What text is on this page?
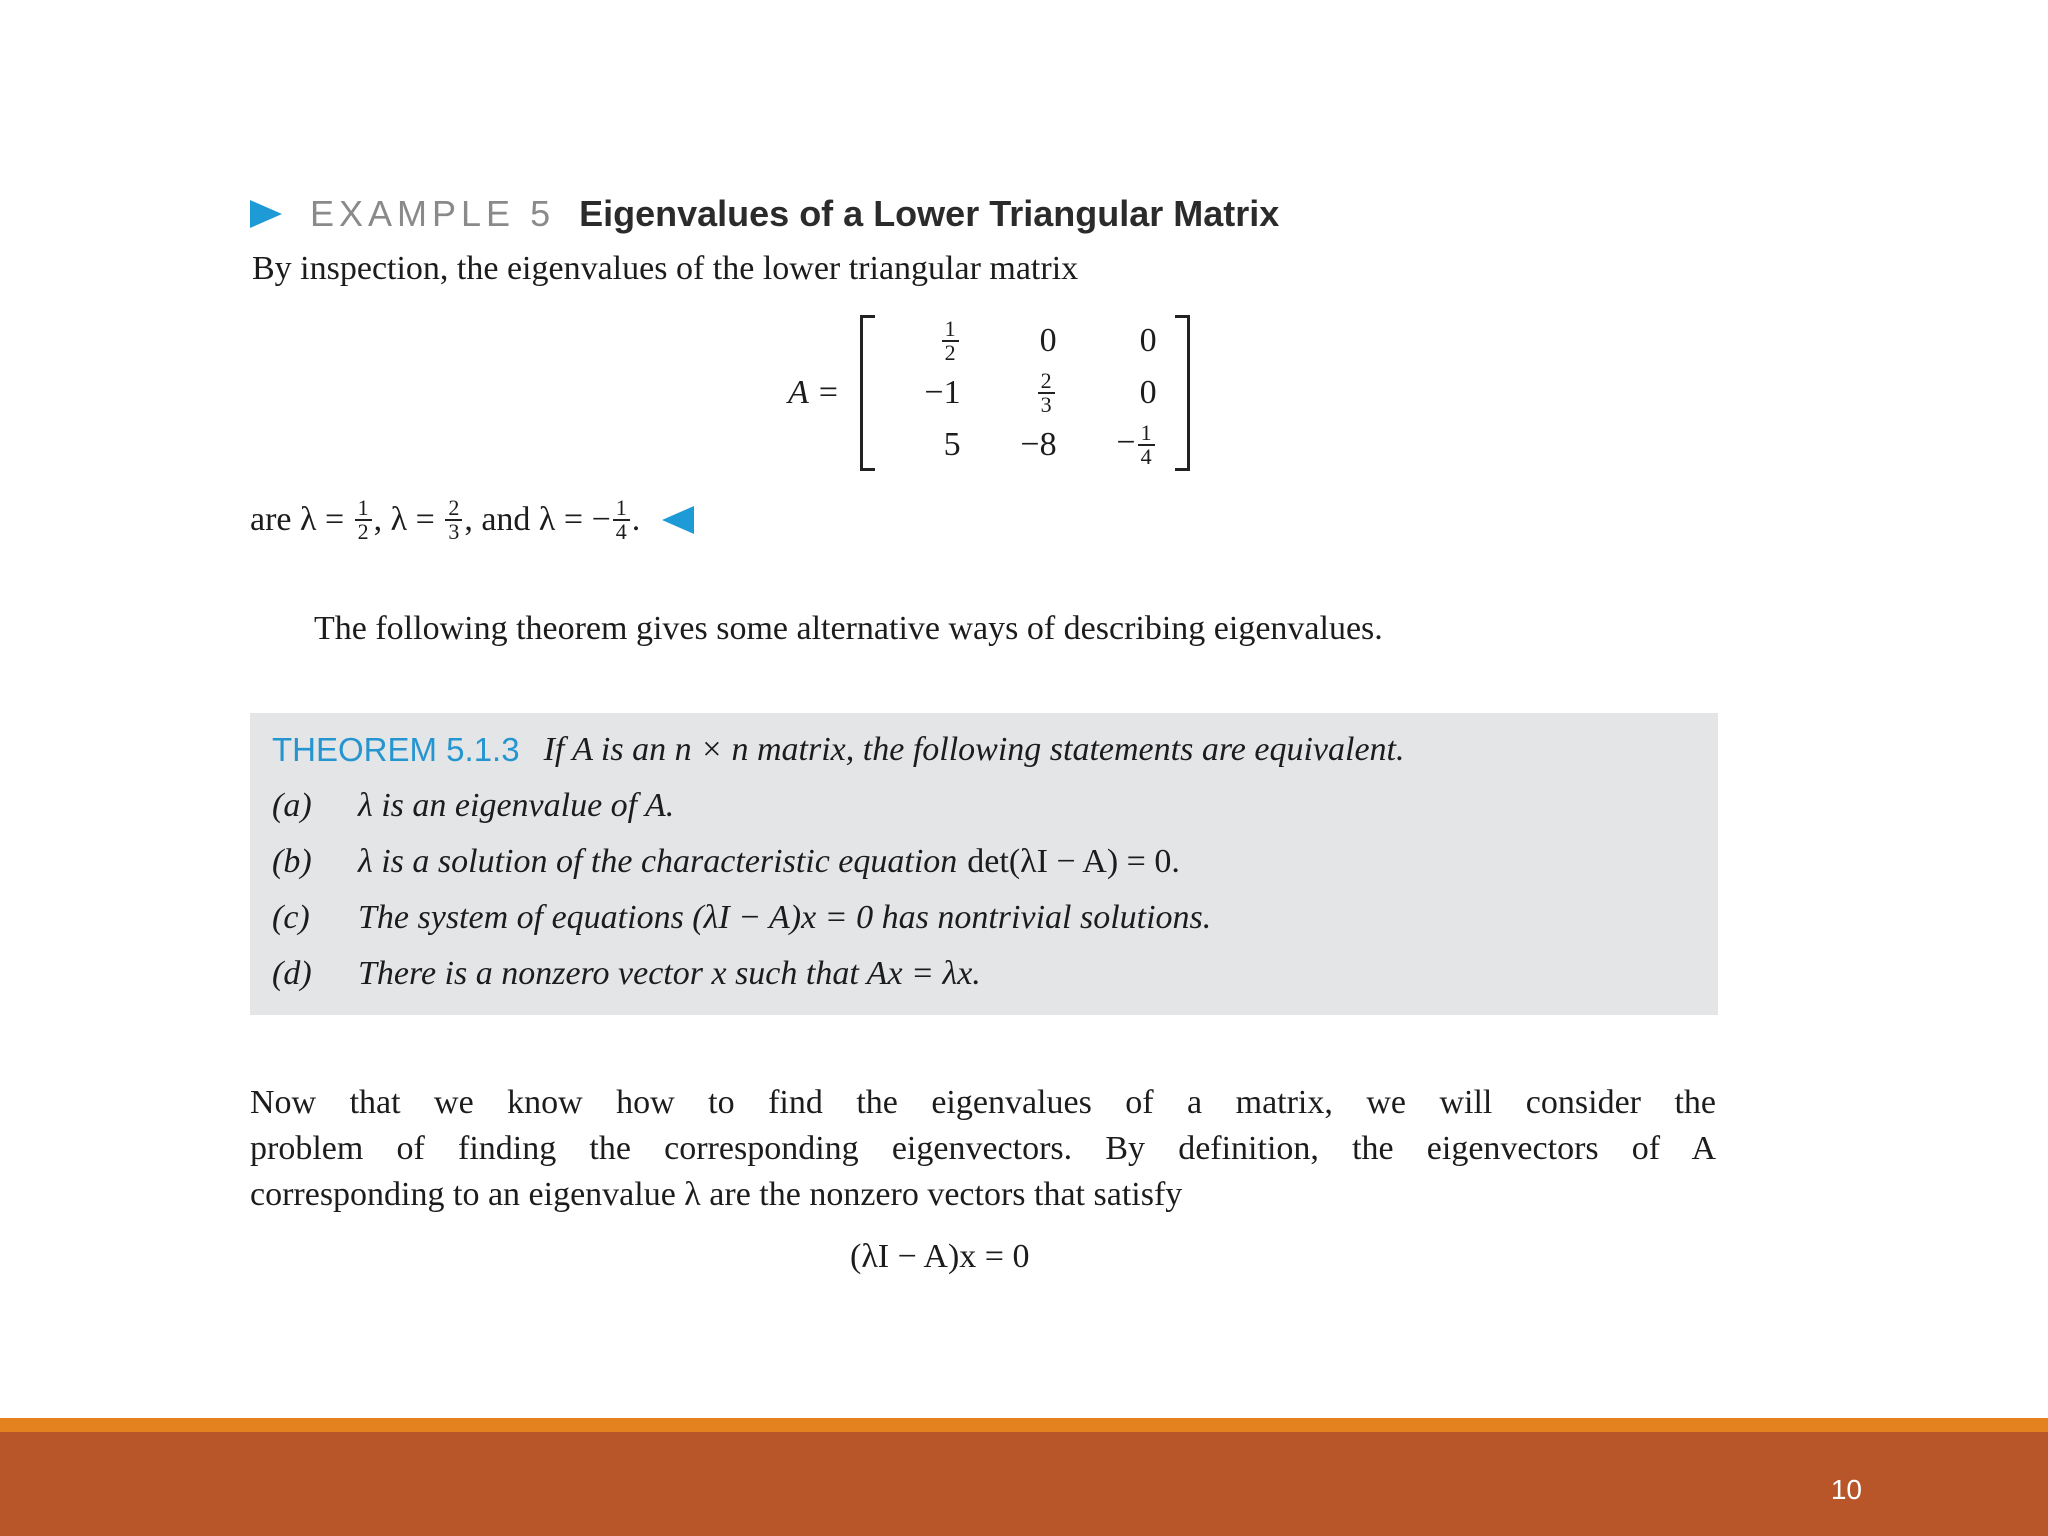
EXAMPLE 5 Eigenvalues of a Lower Triangular Matrix
By inspection, the eigenvalues of the lower triangular matrix
A =
$\frac{1}{2}$	0	0
−1	$\frac{2}{3}$	0
5	−8	− $\frac{1}{4}$
are $\lambda = \frac{1}{2}$ , $\lambda = \frac{2}{3}$ , and λ = − $\frac{1}{4}$ .
The following theorem gives some alternative ways of describing eigenvalues.
THEOREM 5.1.3 If A is an n × n matrix, the following statements are equivalent.
(a)	λ is an eigenvalue of A.
(b)	λ is a solution of the characteristic equation det(λI − A) = 0.
(c)	The system of equations (λI − A)x = 0 has nontrivial solutions.
(d)	There is a nonzero vector x such that Ax = λx.

Now that we know how to find the eigenvalues of a matrix, we will consider the

problem of finding the corresponding eigenvectors. By definition, the eigenvectors of A

corresponding to an eigenvalue λ are the nonzero vectors that satisfy

(λI − A)x = 0
10
